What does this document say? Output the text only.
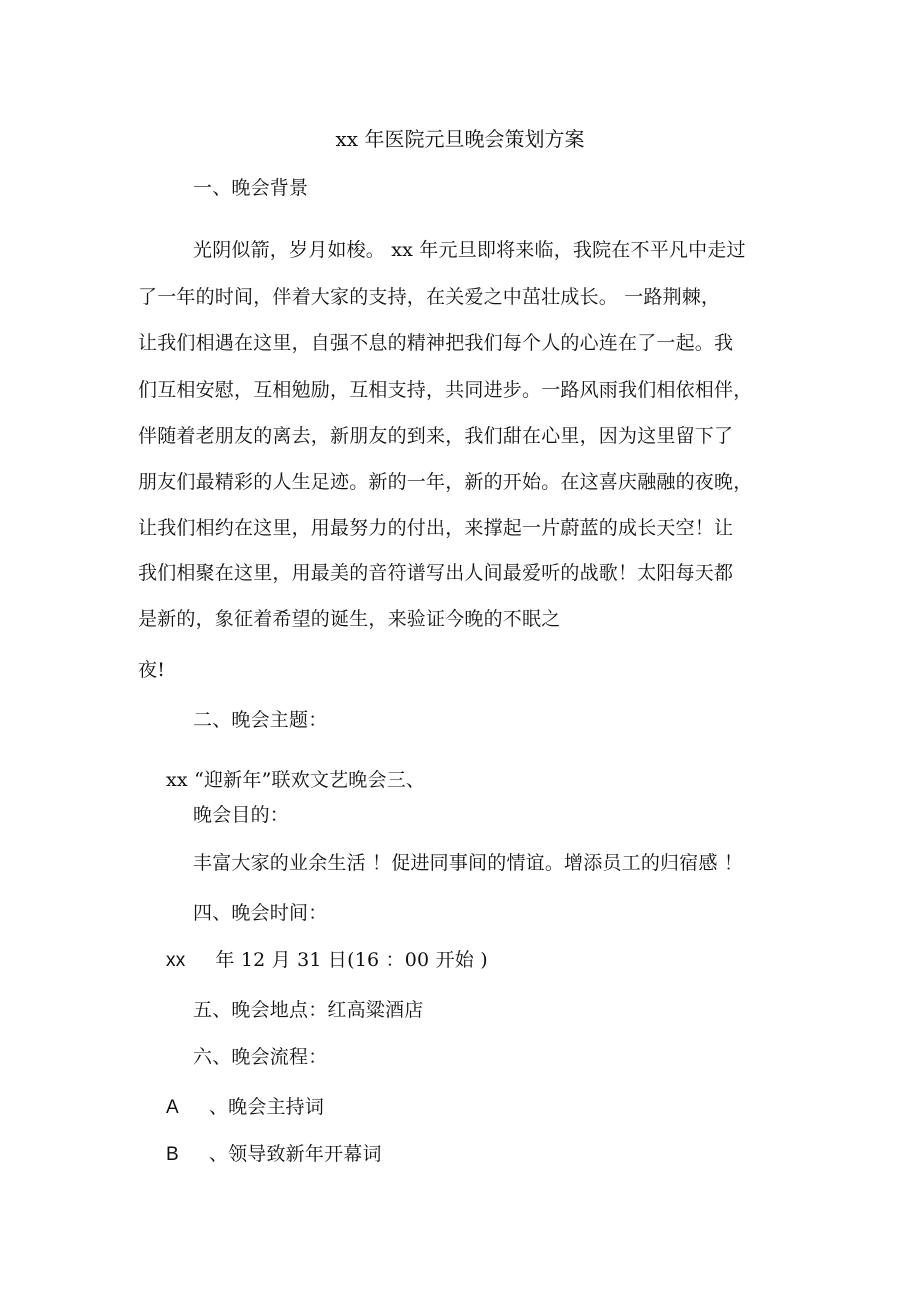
xx 年医院元旦晚会策划方案
一、晚会背景
光阴似箭，岁月如梭。 xx 年元旦即将来临，我院在不平凡中走过
了一年的时间，伴着大家的支持，在关爱之中茁壮成长。 一路荆棘，
让我们相遇在这里，自强不息的精神把我们每个人的心连在了一起。我
们互相安慰，互相勉励，互相支持，共同进步。一路风雨我们相依相伴，
伴随着老朋友的离去，新朋友的到来，我们甜在心里，因为这里留下了
朋友们最精彩的人生足迹。新的一年，新的开始。在这喜庆融融的夜晚，
让我们相约在这里，用最努力的付出，来撑起一片蔚蓝的成长天空！让
我们相聚在这里，用最美的音符谱写出人间最爱听的战歌！太阳每天都
是新的，象征着希望的诞生，来验证今晚的不眠之
夜!
二、晚会主题：
xx “迎新年”联欢文艺晚会三、
晚会目的：
丰富大家的业余生活 ！促进同事间的情谊。增添员工的归宿感 ！
四、晚会时间：
xx 年 12 月 31 日(16 ：00 开始 )
五、晚会地点：红高粱酒店
六、晚会流程：
A 、晚会主持词
B 、领导致新年开幕词
